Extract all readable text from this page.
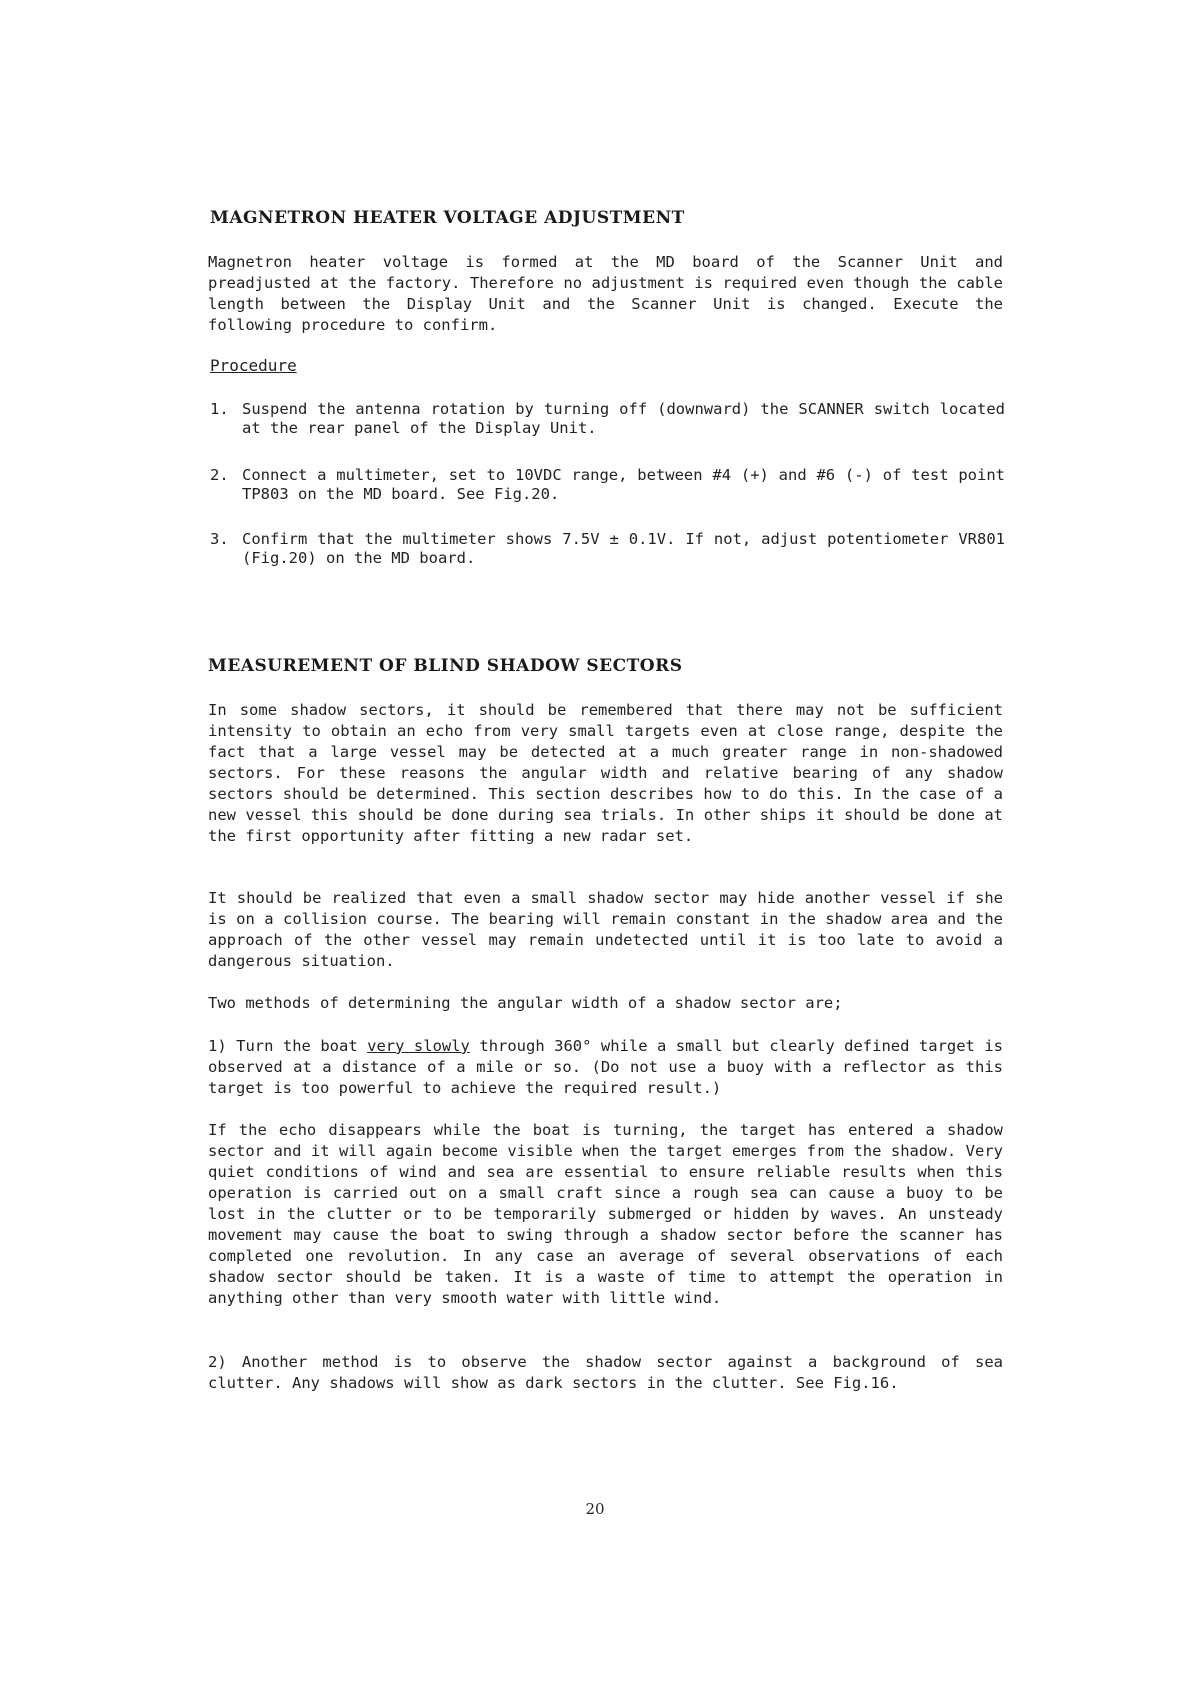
MAGNETRON HEATER VOLTAGE ADJUSTMENT
Magnetron heater voltage is formed at the MD board of the Scanner Unit and preadjusted at the factory. Therefore no adjustment is required even though the cable length between the Display Unit and the Scanner Unit is changed. Execute the following procedure to confirm.
Procedure
1. Suspend the antenna rotation by turning off (downward) the SCANNER switch located at the rear panel of the Display Unit.
2. Connect a multimeter, set to 10VDC range, between #4 (+) and #6 (-) of test point TP803 on the MD board. See Fig.20.
3. Confirm that the multimeter shows 7.5V ± 0.1V. If not, adjust potentiometer VR801 (Fig.20) on the MD board.
MEASUREMENT OF BLIND SHADOW SECTORS
In some shadow sectors, it should be remembered that there may not be sufficient intensity to obtain an echo from very small targets even at close range, despite the fact that a large vessel may be detected at a much greater range in non-shadowed sectors. For these reasons the angular width and relative bearing of any shadow sectors should be determined. This section describes how to do this. In the case of a new vessel this should be done during sea trials. In other ships it should be done at the first opportunity after fitting a new radar set.
It should be realized that even a small shadow sector may hide another vessel if she is on a collision course. The bearing will remain constant in the shadow area and the approach of the other vessel may remain undetected until it is too late to avoid a dangerous situation.
Two methods of determining the angular width of a shadow sector are;
1) Turn the boat very slowly through 360° while a small but clearly defined target is observed at a distance of a mile or so. (Do not use a buoy with a reflector as this target is too powerful to achieve the required result.)
If the echo disappears while the boat is turning, the target has entered a shadow sector and it will again become visible when the target emerges from the shadow. Very quiet conditions of wind and sea are essential to ensure reliable results when this operation is carried out on a small craft since a rough sea can cause a buoy to be lost in the clutter or to be temporarily submerged or hidden by waves. An unsteady movement may cause the boat to swing through a shadow sector before the scanner has completed one revolution. In any case an average of several observations of each shadow sector should be taken. It is a waste of time to attempt the operation in anything other than very smooth water with little wind.
2) Another method is to observe the shadow sector against a background of sea clutter. Any shadows will show as dark sectors in the clutter. See Fig.16.
20
